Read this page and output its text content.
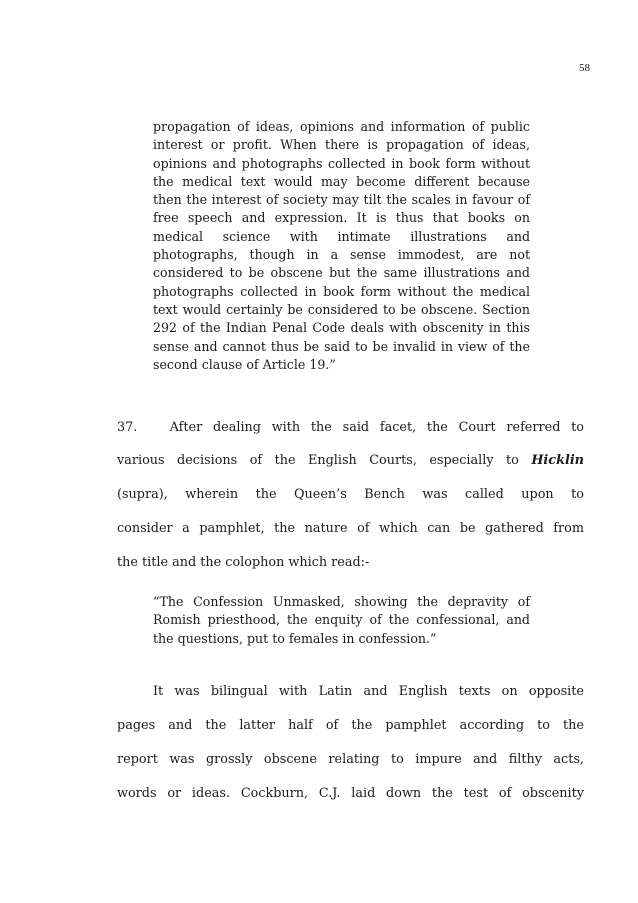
58
propagation of ideas, opinions and information of public interest or profit. When there is propagation of ideas, opinions and photographs collected in book form without the medical text would may become different because then the interest of society may tilt the scales in favour of free speech and expression. It is thus that books on medical science with intimate illustrations and photographs, though in a sense immodest, are not considered to be obscene but the same illustrations and photographs collected in book form without the medical text would certainly be considered to be obscene. Section 292 of the Indian Penal Code deals with obscenity in this sense and cannot thus be said to be invalid in view of the second clause of Article 19.”
37.	After dealing with the said facet, the Court referred to
various decisions of the English Courts, especially to Hicklin
(supra), wherein the Queen’s Bench was called upon to
consider a pamphlet, the nature of which can be gathered from
the title and the colophon which read:-
“The Confession Unmasked, showing the depravity of Romish priesthood, the enquity of the confessional, and the questions, put to females in confession.”
It was bilingual with Latin and English texts on opposite
pages and the latter half of the pamphlet according to the
report was grossly obscene relating to impure and filthy acts,
words or ideas. Cockburn, C.J. laid down the test of obscenity
